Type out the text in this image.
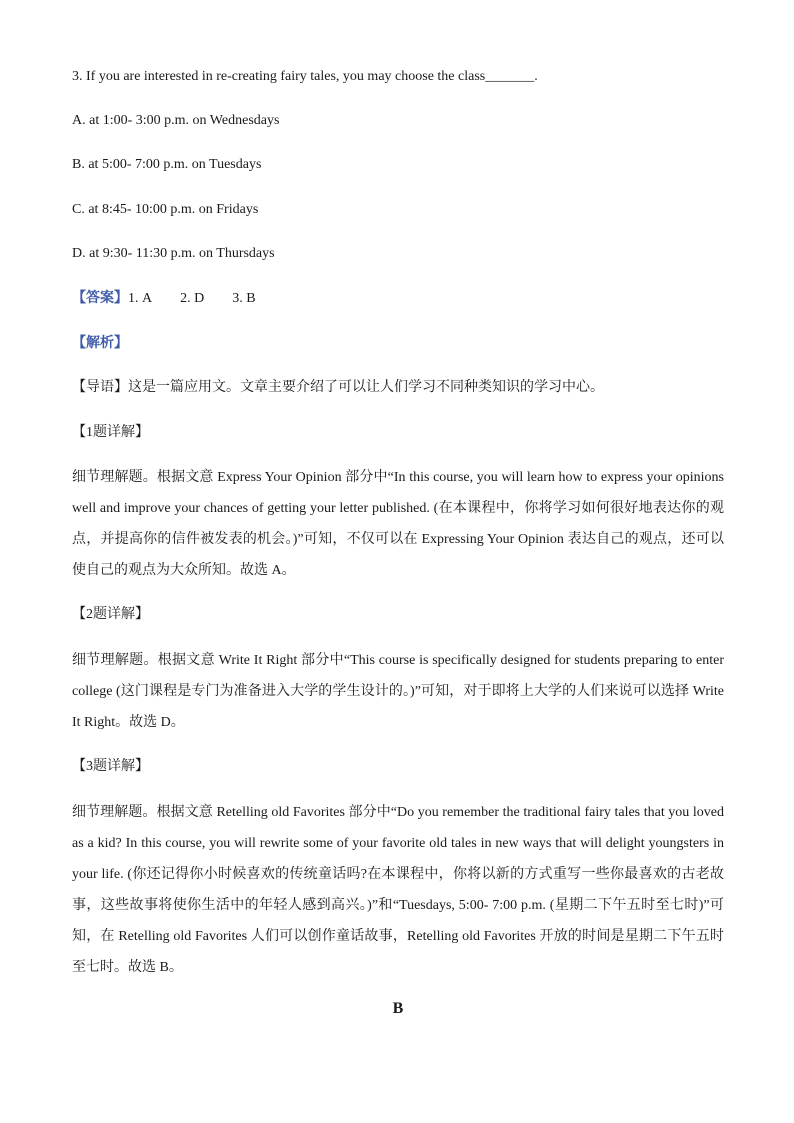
3. If you are interested in re-creating fairy tales, you may choose the class_______.
A. at 1:00- 3:00 p.m. on Wednesdays
B. at 5:00- 7:00 p.m. on Tuesdays
C. at 8:45- 10:00 p.m. on Fridays
D. at 9:30- 11:30 p.m. on Thursdays
【答案】1. A 2. D 3. B
【解析】
【导语】这是一篇应用文。文章主要介绍了可以让人们学习不同种类知识的学习中心。
【1题详解】
细节理解题。根据文意 Express Your Opinion 部分中“In this course, you will learn how to express your opinions well and improve your chances of getting your letter published. (在本课程中，你将学习如何很好地表达你的观点，并提高你的信件被发表的机会。)”可知，不仅可以在 Expressing Your Opinion 表达自己的观点，还可以使自己的观点为大众所知。故选 A。
【2题详解】
细节理解题。根据文意 Write It Right 部分中“This course is specifically designed for students preparing to enter college (这门课程是专门为准备进入大学的学生设计的。)”可知，对于即将上大学的人们来说可以选择 Write It Right。故选 D。
【3题详解】
细节理解题。根据文意 Retelling old Favorites 部分中“Do you remember the traditional fairy tales that you loved as a kid? In this course, you will rewrite some of your favorite old tales in new ways that will delight youngsters in your life. (你还记得你小时候喜欢的传统童话吗?在本课程中，你将以新的方式重写一些你最喜欢的古老故事，这些故事将使你生活中的年轻人感到高兴。)”和“Tuesdays, 5:00- 7:00 p.m. (星期二下午五时至七时)”可知，在 Retelling old Favorites 人们可以创作童话故事，Retelling old Favorites 开放的时间是星期二下午五时至七时。故选 B。
B
